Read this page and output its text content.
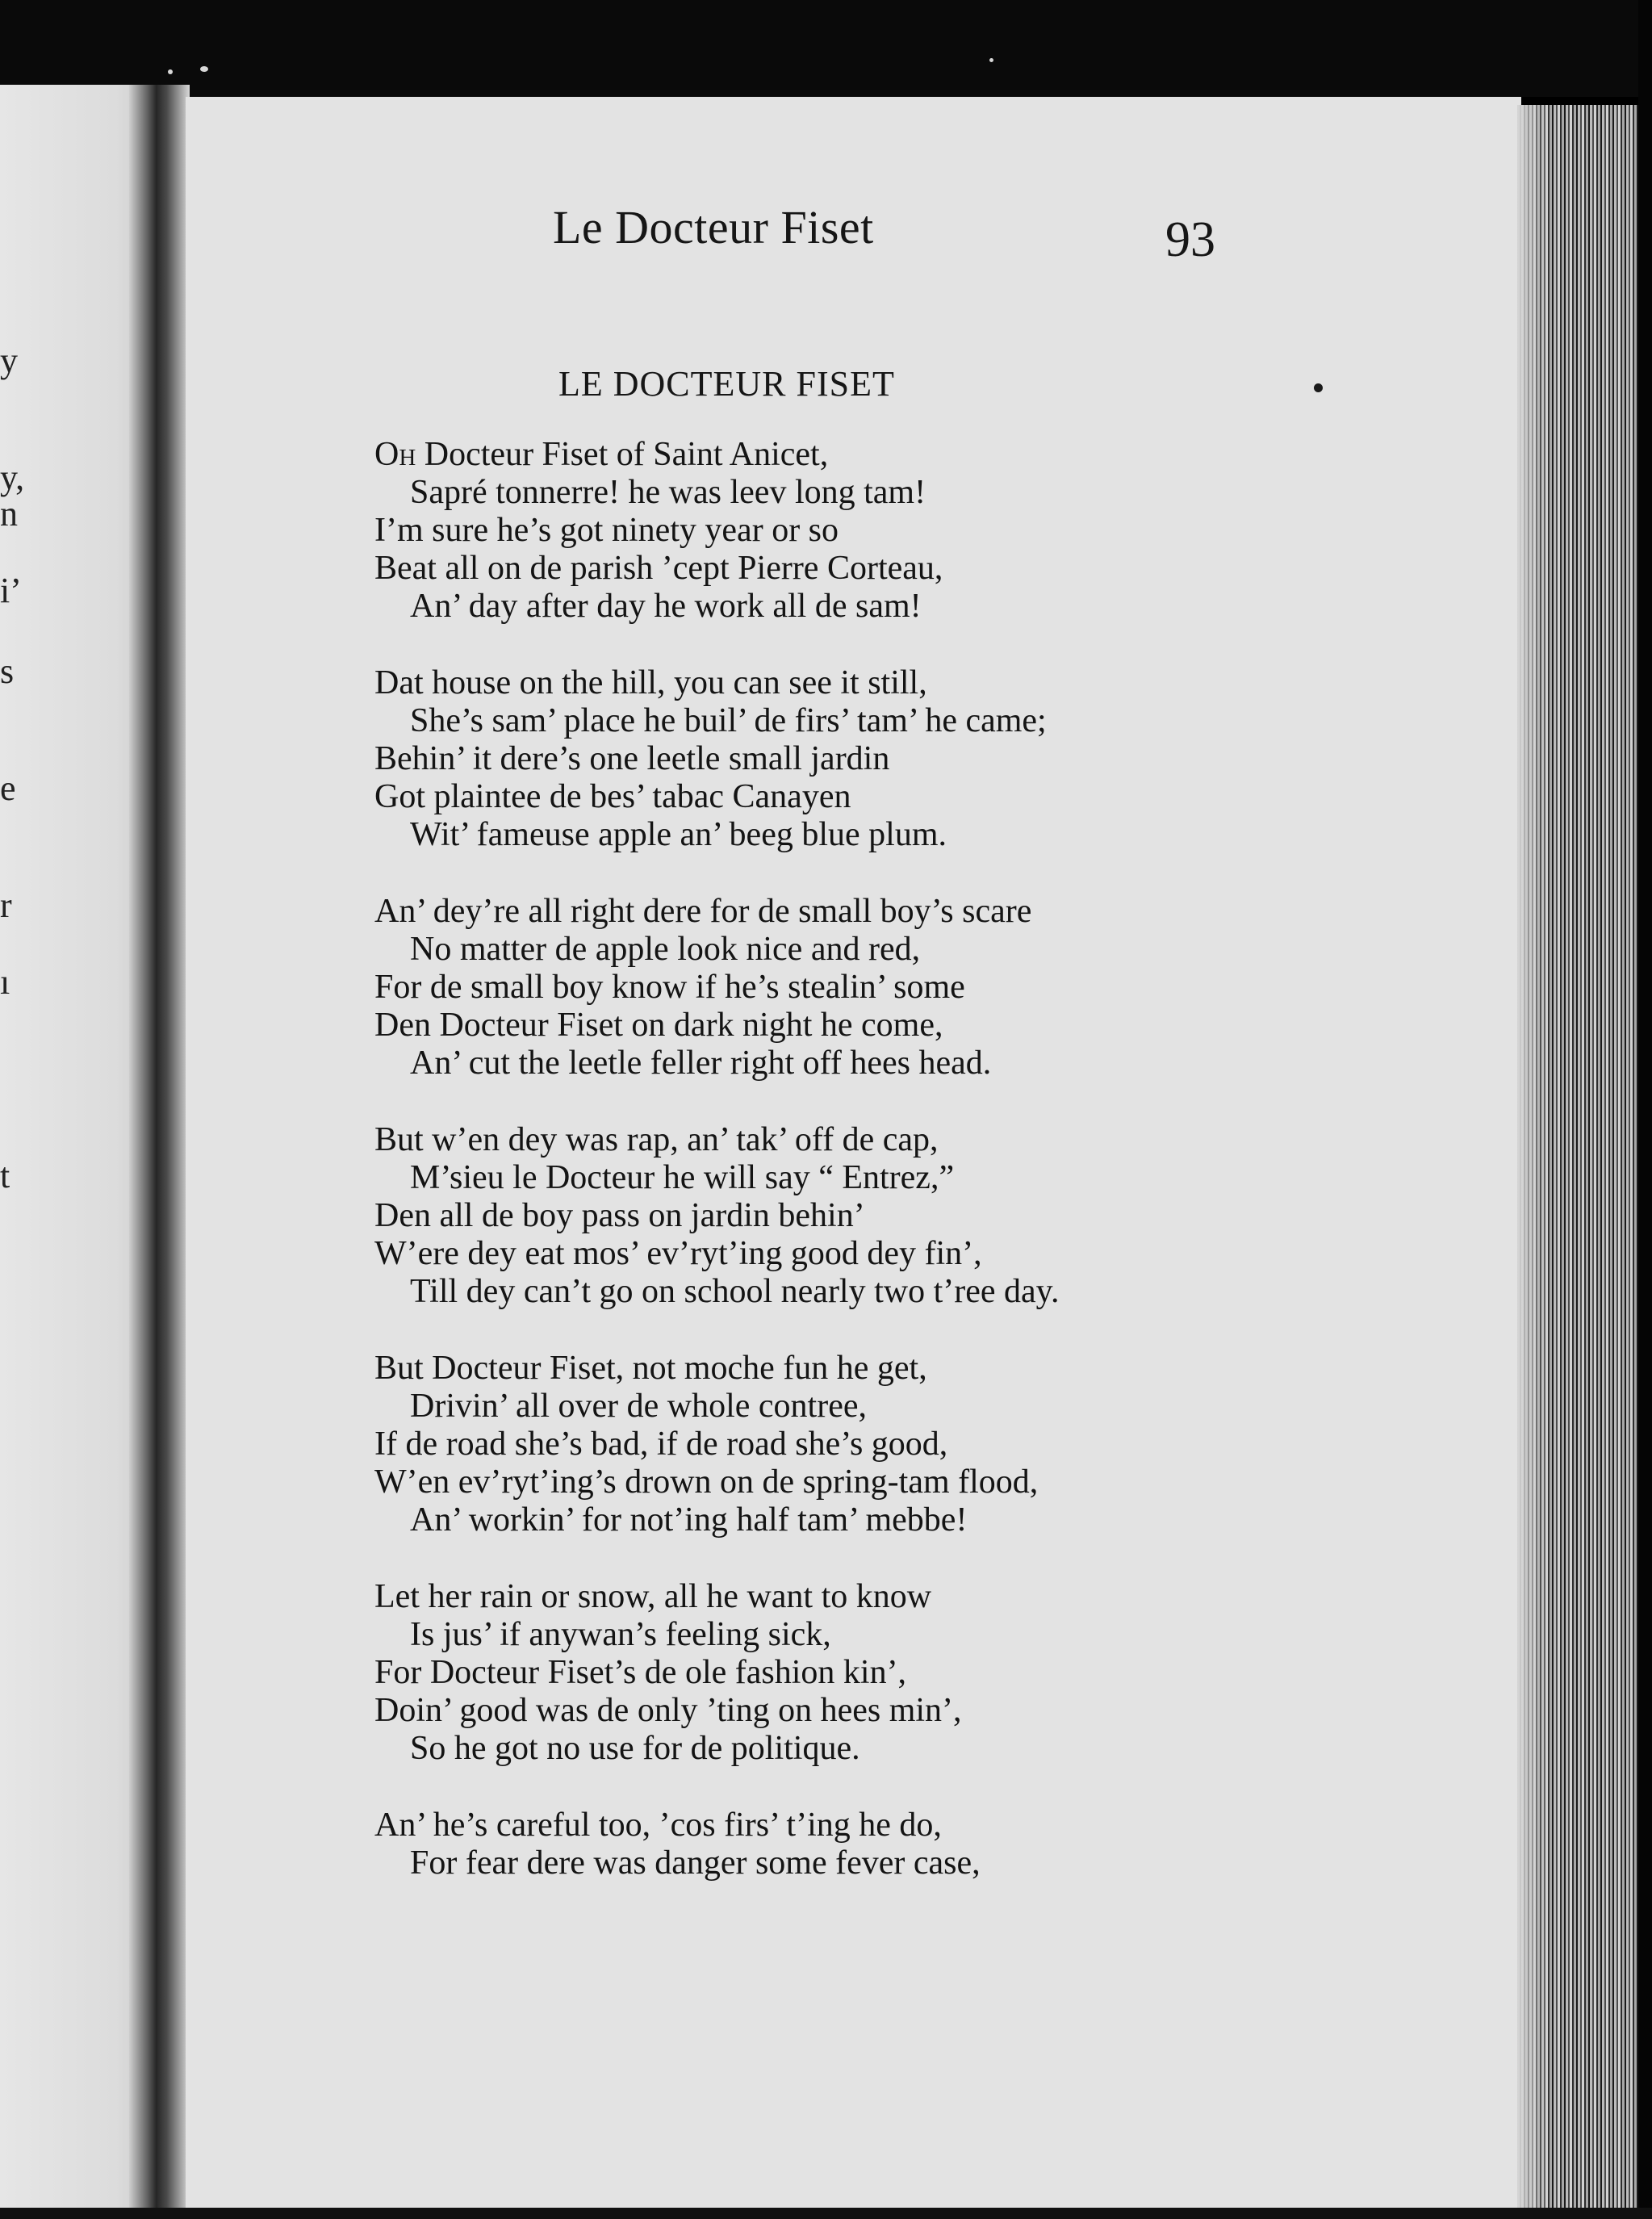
y
y,
n
i’
s
e
r
ı
t
Le Docteur Fiset	93
LE DOCTEUR FISET

Oh Docteur Fiset of Saint Anicet,

Sapré tonnerre! he was leev long tam!

I’m sure he’s got ninety year or so

Beat all on de parish ’cept Pierre Corteau,

An’ day after day he work all de sam!

Dat house on the hill, you can see it still,

She’s sam’ place he buil’ de firs’ tam’ he came;

Behin’ it dere’s one leetle small jardin

Got plaintee de bes’ tabac Canayen

Wit’ fameuse apple an’ beeg blue plum.

An’ dey’re all right dere for de small boy’s scare

No matter de apple look nice and red,

For de small boy know if he’s stealin’ some

Den Docteur Fiset on dark night he come,

An’ cut the leetle feller right off hees head.

But w’en dey was rap, an’ tak’ off de cap,

M’sieu le Docteur he will say “ Entrez,”

Den all de boy pass on jardin behin’

W’ere dey eat mos’ ev’ryt’ing good dey fin’,

Till dey can’t go on school nearly two t’ree day.

But Docteur Fiset, not moche fun he get,

Drivin’ all over de whole contree,

If de road she’s bad, if de road she’s good,

W’en ev’ryt’ing’s drown on de spring-tam flood,

An’ workin’ for not’ing half tam’ mebbe!

Let her rain or snow, all he want to know

Is jus’ if anywan’s feeling sick,

For Docteur Fiset’s de ole fashion kin’,

Doin’ good was de only ’ting on hees min’,

So he got no use for de politique.

An’ he’s careful too, ’cos firs’ t’ing he do,

For fear dere was danger some fever case,
